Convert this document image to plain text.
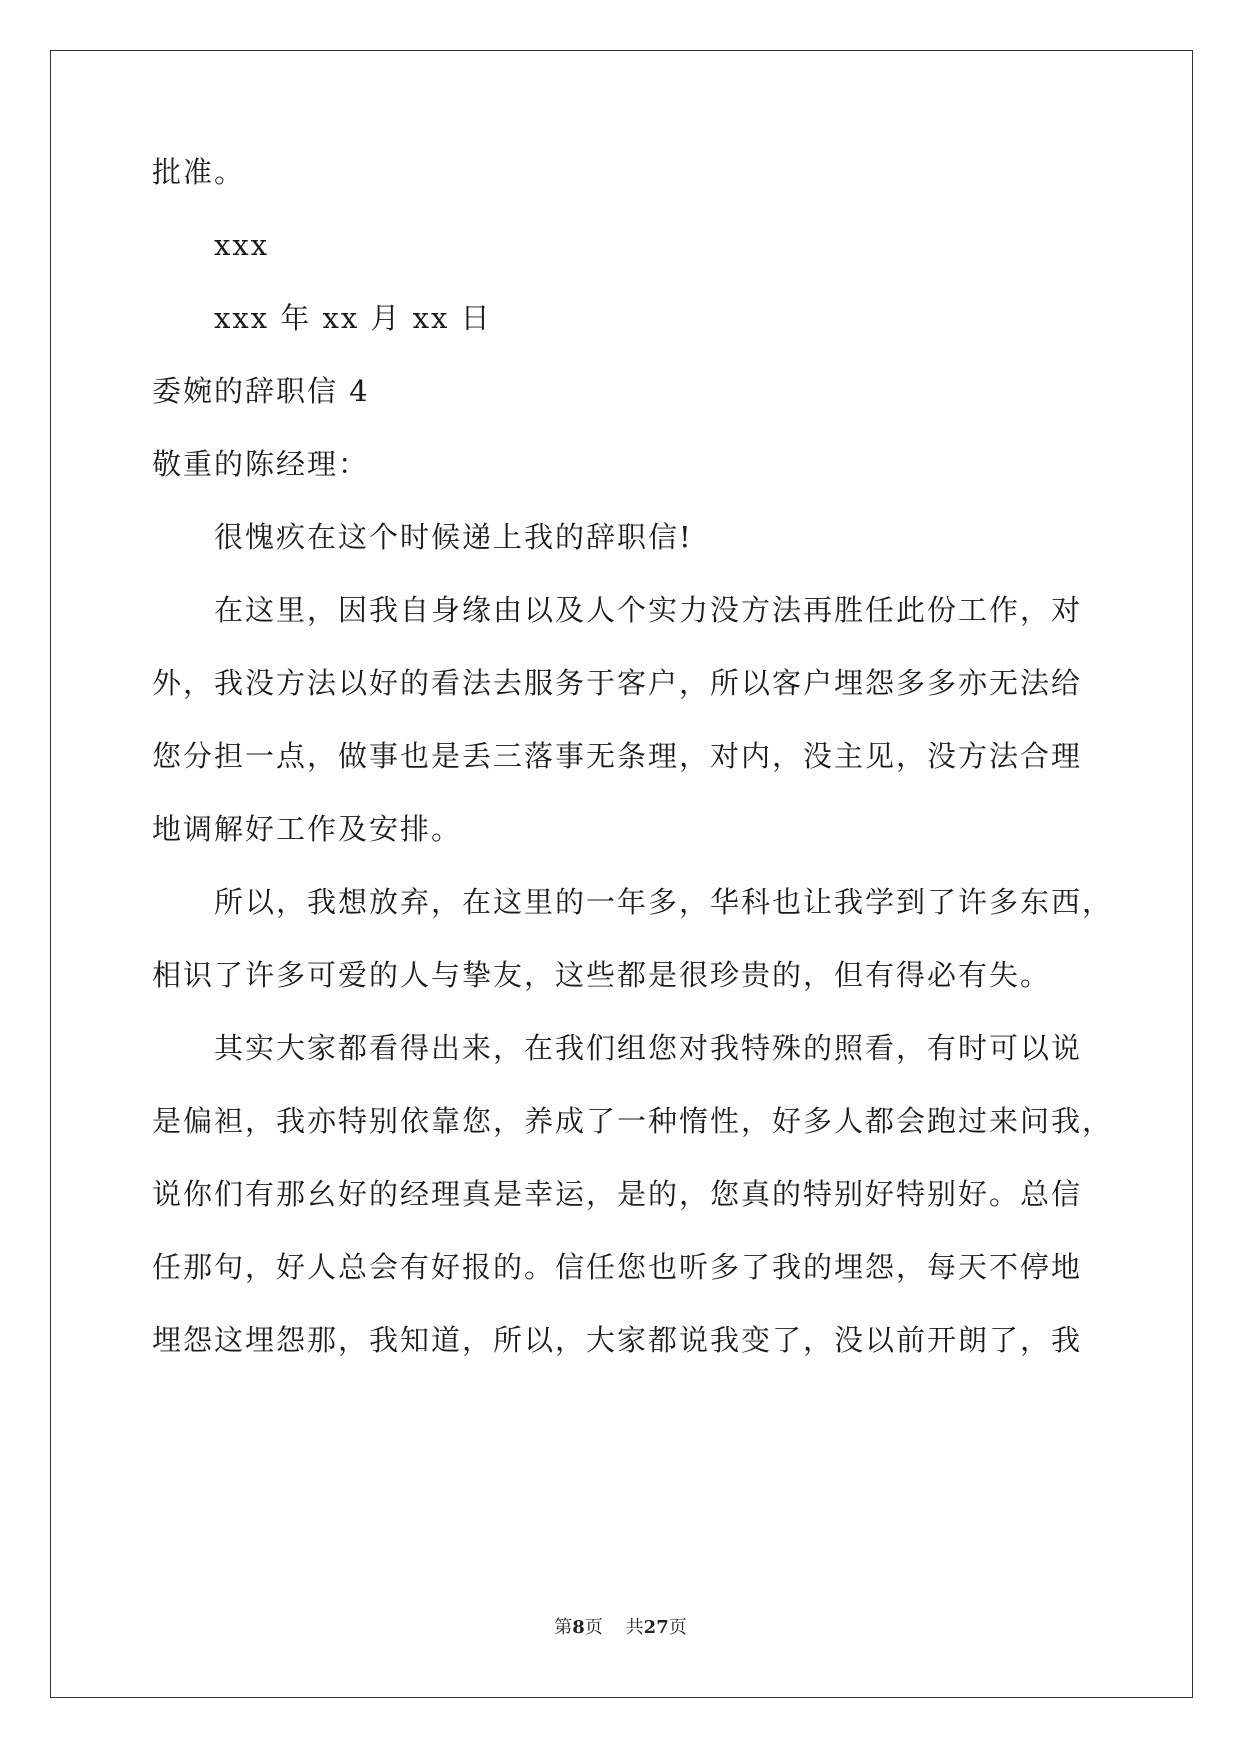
批准。
xxx
xxx 年 xx 月 xx 日
委婉的辞职信 4
敬重的陈经理：
很愧疚在这个时候递上我的辞职信!
在这里，因我自身缘由以及人个实力没方法再胜任此份工作，对
外，我没方法以好的看法去服务于客户，所以客户埋怨多多亦无法给
您分担一点，做事也是丢三落事无条理，对内，没主见，没方法合理
地调解好工作及安排。
所以，我想放弃，在这里的一年多，华科也让我学到了许多东西，
相识了许多可爱的人与挚友，这些都是很珍贵的，但有得必有失。
其实大家都看得出来，在我们组您对我特殊的照看，有时可以说
是偏袒，我亦特别依靠您，养成了一种惰性，好多人都会跑过来问我，
说你们有那幺好的经理真是幸运，是的，您真的特别好特别好。总信
任那句，好人总会有好报的。信任您也听多了我的埋怨，每天不停地
埋怨这埋怨那，我知道，所以，大家都说我变了，没以前开朗了，我
第8页 共27页
